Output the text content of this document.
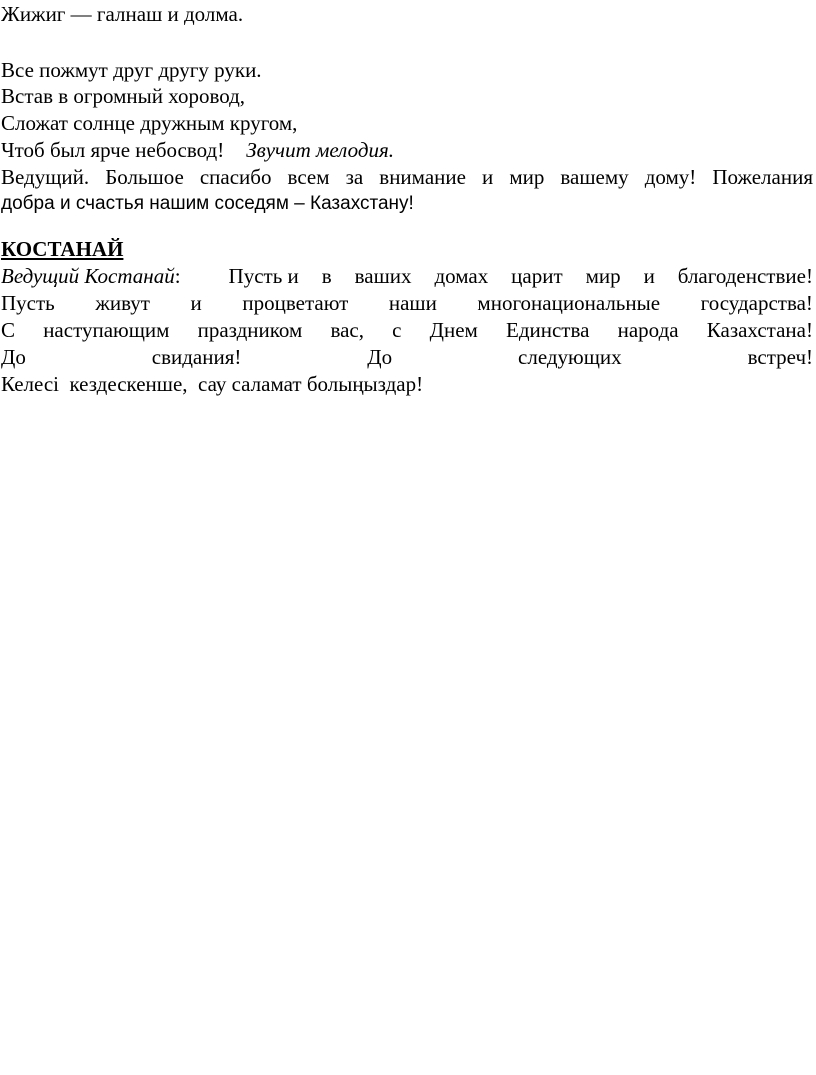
Жижиг — галнаш и долма.

Все пожмут друг другу руки.

Встав в огромный хоровод,

Сложат солнце дружным кругом,

Чтоб был ярче небосвод! Звучит мелодия.

Ведущий. Большое спасибо всем за внимание и мир вашему дому! Пожелания

добра и счастья нашим соседям – Казахстану!

КОСТАНАЙ

Ведущий Костанай: Пусть и в ваших домах царит мир и благоденствие!
Пусть живут и процветают наши многонациональные государства!
С наступающим праздником вас, с Днем Единства народа Казахстана!
До	свидания!	До	следующих	встреч!

Келесі  кездескенше,  сау саламат болыңыздар!
